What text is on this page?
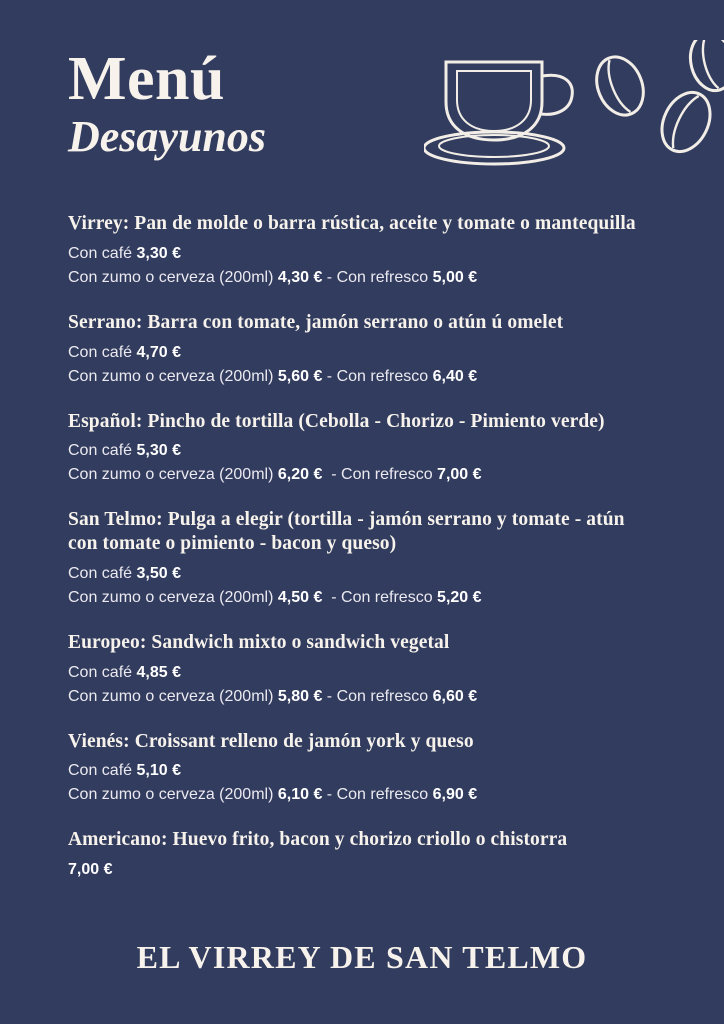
Menú
Desayunos

Virrey: Pan de molde o barra rústica, aceite y tomate o mantequilla

Con café 3,30 €

Con zumo o cerveza (200ml) 4,30 € - Con refresco 5,00 €

Serrano: Barra con tomate, jamón serrano o atún ú omelet

Con café 4,70 €

Con zumo o cerveza (200ml) 5,60 € - Con refresco 6,40 €

Español: Pincho de tortilla (Cebolla - Chorizo - Pimiento verde)

Con café 5,30 €

Con zumo o cerveza (200ml) 6,20 €  - Con refresco 7,00 €

San Telmo: Pulga a elegir (tortilla - jamón serrano y tomate - atún con tomate o pimiento - bacon y queso)

Con café 3,50 €

Con zumo o cerveza (200ml) 4,50 €  - Con refresco 5,20 €

Europeo: Sandwich mixto o sandwich vegetal

Con café 4,85 €

Con zumo o cerveza (200ml) 5,80 € - Con refresco 6,60 €

Vienés: Croissant relleno de jamón york y queso

Con café 5,10 €

Con zumo o cerveza (200ml) 6,10 € - Con refresco 6,90 €

Americano: Huevo frito, bacon y chorizo criollo o chistorra

7,00 €

EL VIRREY DE SAN TELMO
